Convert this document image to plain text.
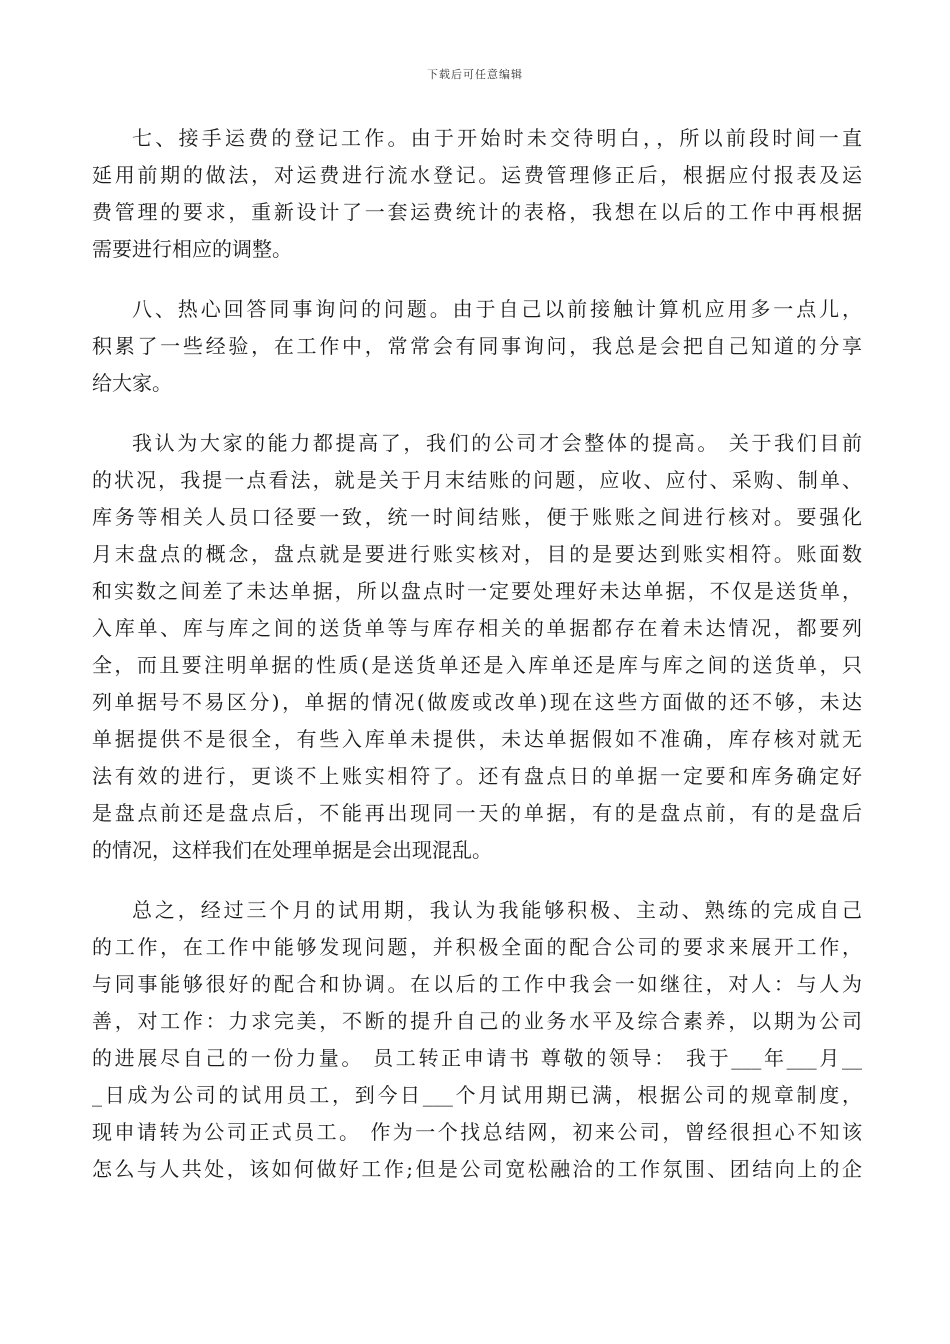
下载后可任意编辑
七、接手运费的登记工作。由于开始时未交待明白，，所以前段时间一直
延用前期的做法，对运费进行流水登记。运费管理修正后，根据应付报表及运
费管理的要求，重新设计了一套运费统计的表格，我想在以后的工作中再根据
需要进行相应的调整。
八、热心回答同事询问的问题。由于自己以前接触计算机应用多一点儿，
积累了一些经验，在工作中，常常会有同事询问，我总是会把自己知道的分享
给大家。
我认为大家的能力都提高了，我们的公司才会整体的提高。 关于我们目前
的状况，我提一点看法，就是关于月末结账的问题，应收、应付、采购、制单、
库务等相关人员口径要一致，统一时间结账，便于账账之间进行核对。要强化
月末盘点的概念，盘点就是要进行账实核对，目的是要达到账实相符。账面数
和实数之间差了未达单据，所以盘点时一定要处理好未达单据，不仅是送货单，
入库单、库与库之间的送货单等与库存相关的单据都存在着未达情况，都要列
全，而且要注明单据的性质(是送货单还是入库单还是库与库之间的送货单，只
列单据号不易区分)，单据的情况(做废或改单)现在这些方面做的还不够，未达
单据提供不是很全，有些入库单未提供，未达单据假如不准确，库存核对就无
法有效的进行，更谈不上账实相符了。还有盘点日的单据一定要和库务确定好
是盘点前还是盘点后，不能再出现同一天的单据，有的是盘点前，有的是盘后
的情况，这样我们在处理单据是会出现混乱。
总之，经过三个月的试用期，我认为我能够积极、主动、熟练的完成自己
的工作，在工作中能够发现问题，并积极全面的配合公司的要求来展开工作，
与同事能够很好的配合和协调。在以后的工作中我会一如继往，对人：与人为
善，对工作：力求完美，不断的提升自己的业务水平及综合素养，以期为公司
的进展尽自己的一份力量。 员工转正申请书 尊敬的领导： 我于___年___月__
_日成为公司的试用员工，到今日___个月试用期已满，根据公司的规章制度，
现申请转为公司正式员工。 作为一个找总结网，初来公司，曾经很担心不知该
怎么与人共处，该如何做好工作;但是公司宽松融洽的工作氛围、团结向上的企
